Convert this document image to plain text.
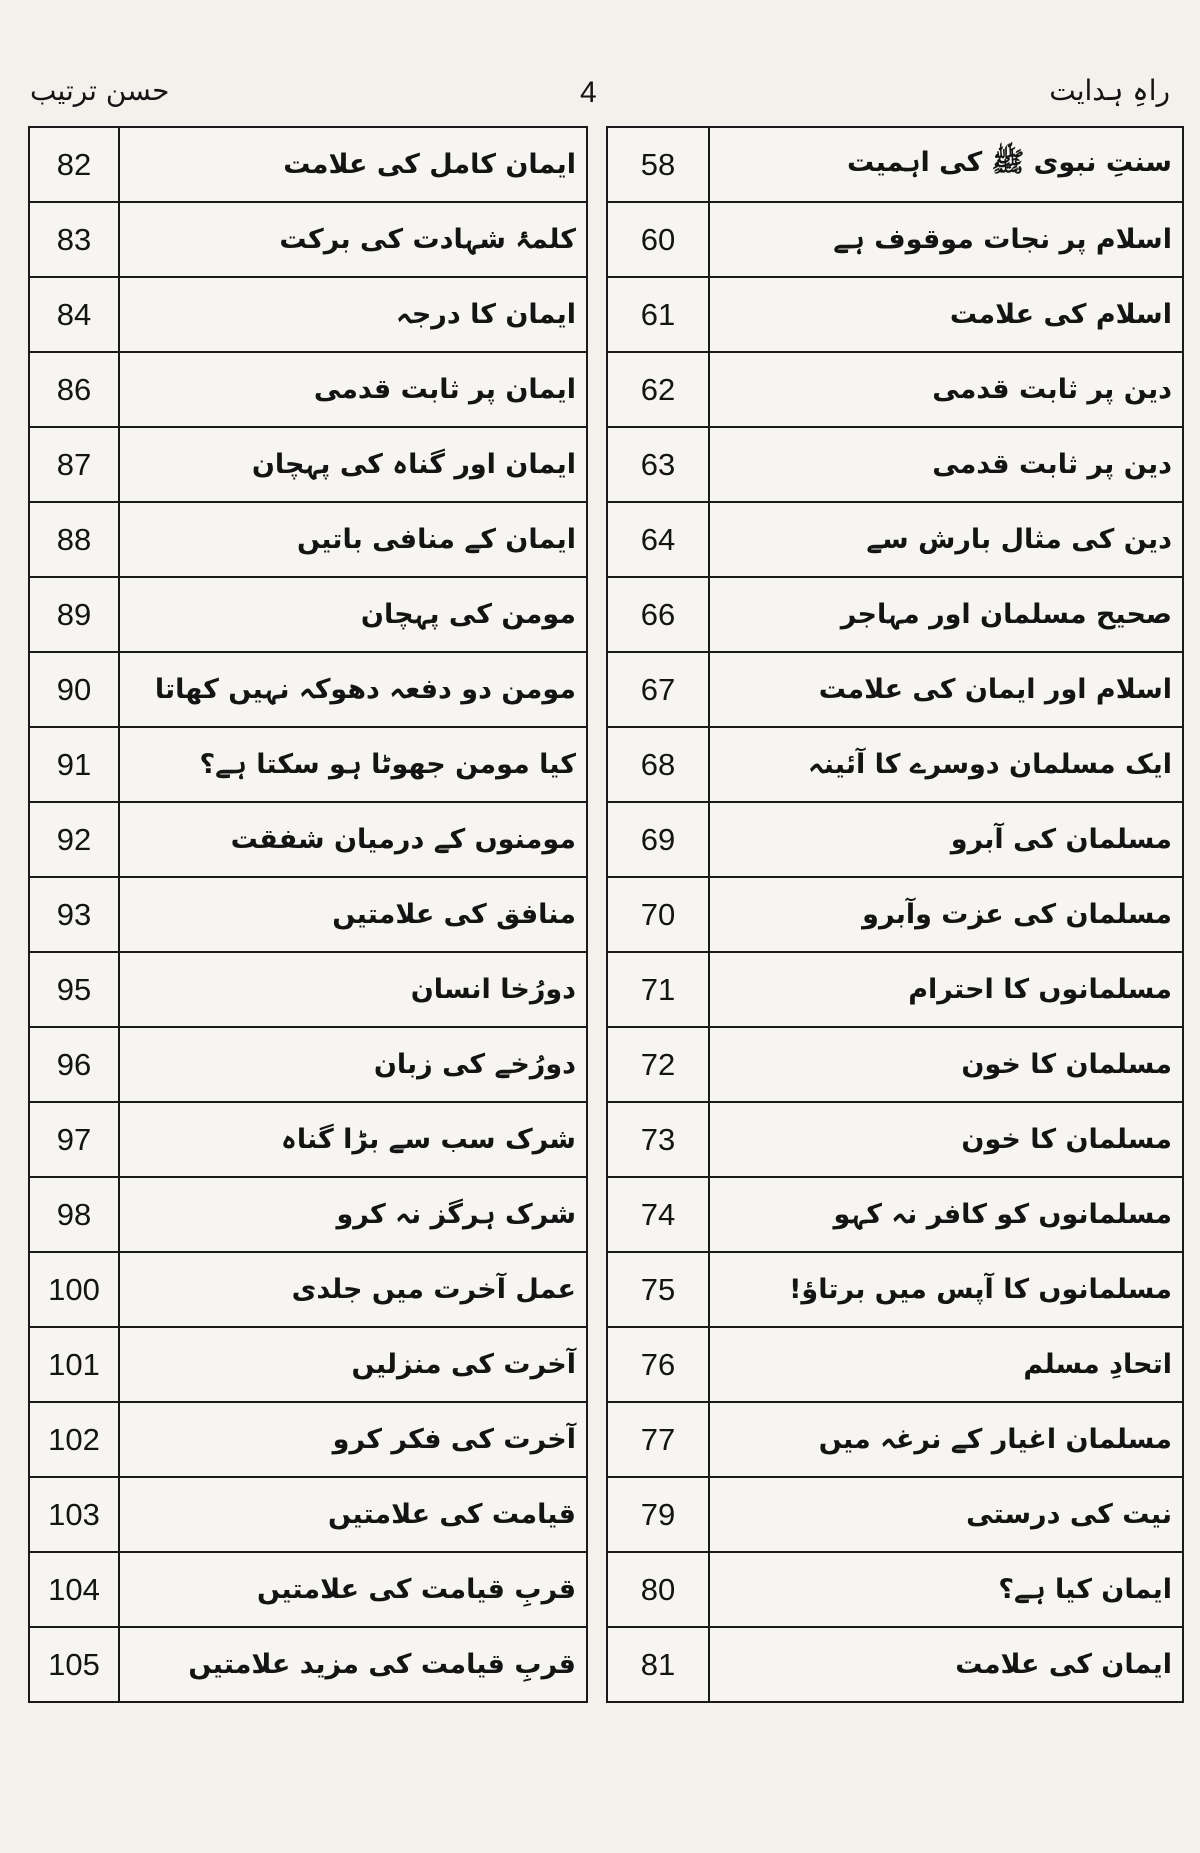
حسن ترتیب	4	راہِ ہدایت
82	ایمان کامل کی علامت
83	کلمۂ شہادت کی برکت
84	ایمان کا درجہ
86	ایمان پر ثابت قدمی
87	ایمان اور گناہ کی پہچان
88	ایمان کے منافی باتیں
89	مومن کی پہچان
90	مومن دو دفعہ دھوکہ نہیں کھاتا
91	کیا مومن جھوٹا ہو سکتا ہے؟
92	مومنوں کے درمیان شفقت
93	منافق کی علامتیں
95	دورُخا انسان
96	دورُخے کی زبان
97	شرک سب سے بڑا گناہ
98	شرک ہرگز نہ کرو
100	عمل آخرت میں جلدی
101	آخرت کی منزلیں
102	آخرت کی فکر کرو
103	قیامت کی علامتیں
104	قربِ قیامت کی علامتیں
105	قربِ قیامت کی مزید علامتیں
58	سنتِ نبوی ﷺ کی اہمیت
60	اسلام پر نجات موقوف ہے
61	اسلام کی علامت
62	دین پر ثابت قدمی
63	دین پر ثابت قدمی
64	دین کی مثال بارش سے
66	صحیح مسلمان اور مہاجر
67	اسلام اور ایمان کی علامت
68	ایک مسلمان دوسرے کا آئینہ
69	مسلمان کی آبرو
70	مسلمان کی عزت وآبرو
71	مسلمانوں کا احترام
72	مسلمان کا خون
73	مسلمان کا خون
74	مسلمانوں کو کافر نہ کہو
75	مسلمانوں کا آپس میں برتاؤ!
76	اتحادِ مسلم
77	مسلمان اغیار کے نرغہ میں
79	نیت کی درستی
80	ایمان کیا ہے؟
81	ایمان کی علامت
